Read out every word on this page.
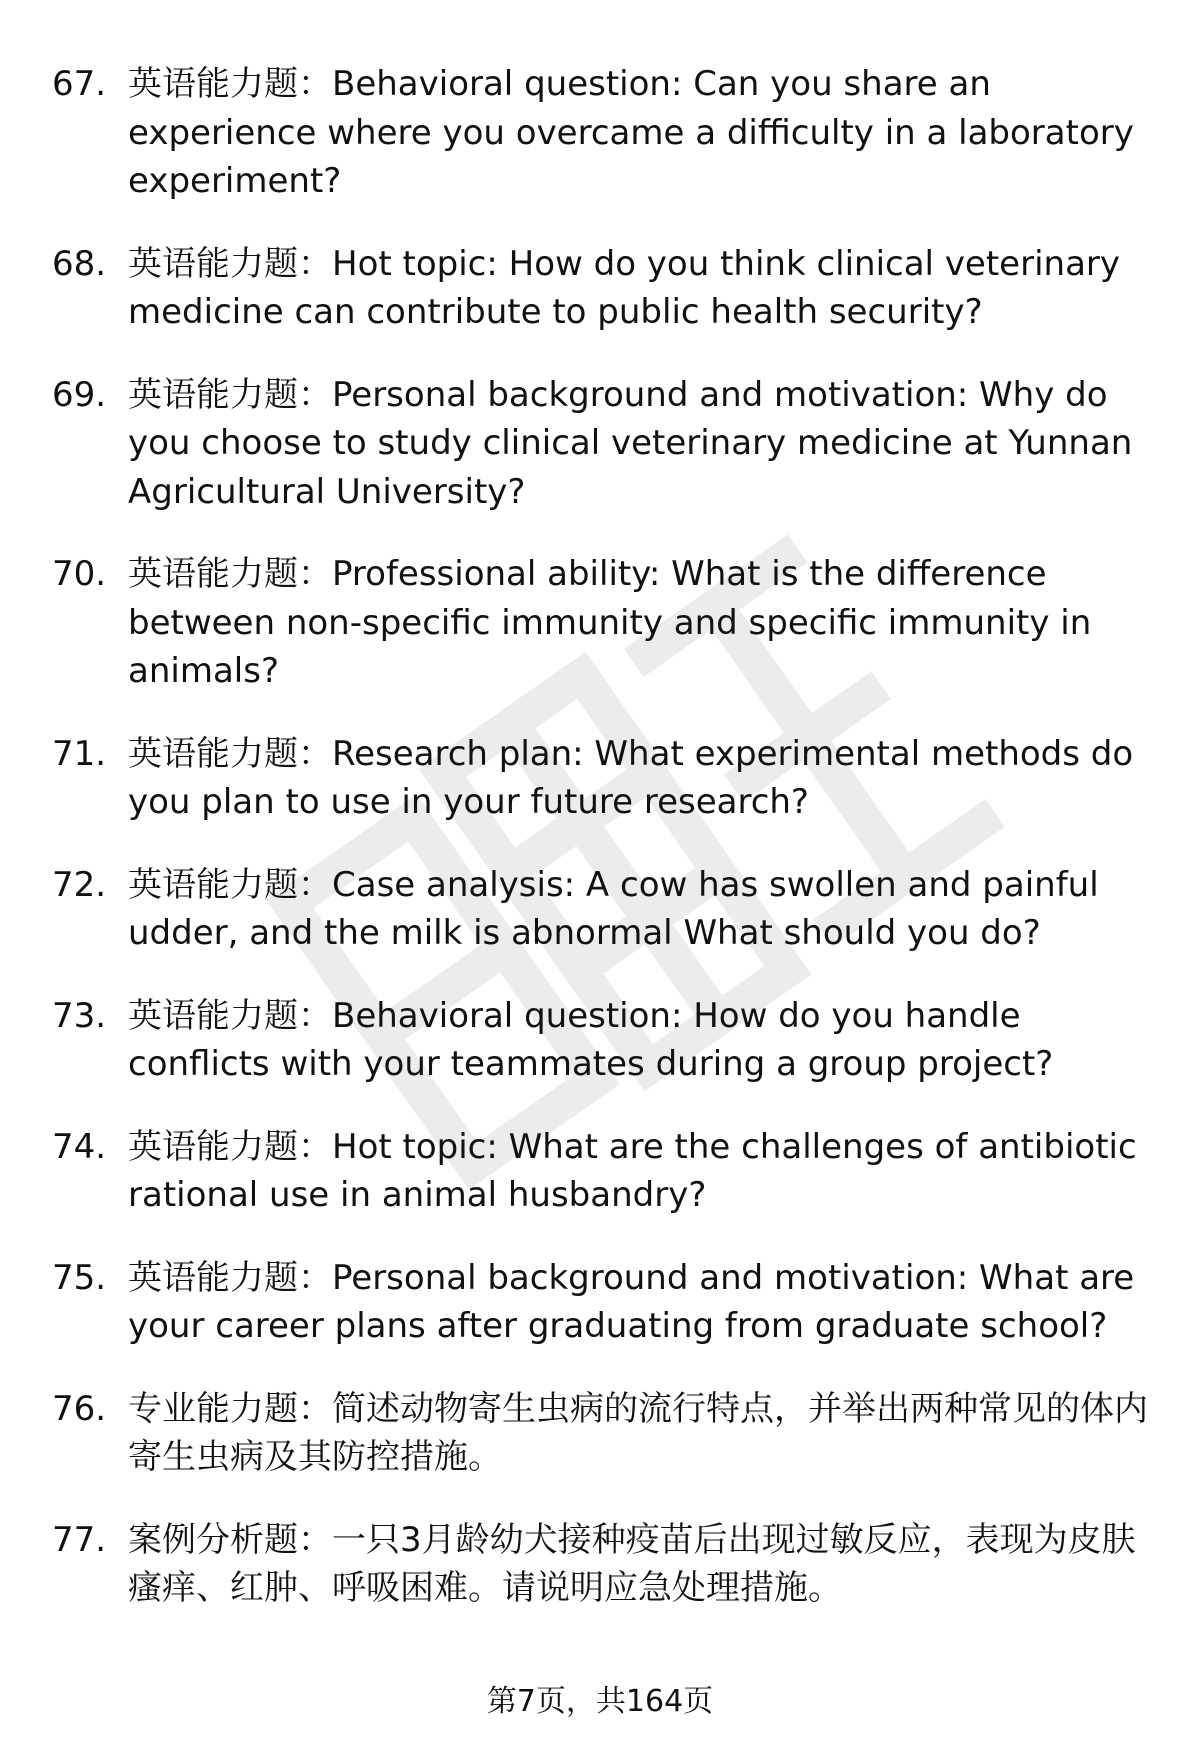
67. 英语能力题：Behavioral question: Can you share an experience where you overcame a difficulty in a laboratory experiment?
68. 英语能力题：Hot topic: How do you think clinical veterinary medicine can contribute to public health security?
69. 英语能力题：Personal background and motivation: Why do you choose to study clinical veterinary medicine at Yunnan Agricultural University?
70. 英语能力题：Professional ability: What is the difference between non-specific immunity and specific immunity in animals?
71. 英语能力题：Research plan: What experimental methods do you plan to use in your future research?
72. 英语能力题：Case analysis: A cow has swollen and painful udder, and the milk is abnormal What should you do?
73. 英语能力题：Behavioral question: How do you handle conflicts with your teammates during a group project?
74. 英语能力题：Hot topic: What are the challenges of antibiotic rational use in animal husbandry?
75. 英语能力题：Personal background and motivation: What are your career plans after graduating from graduate school?
76. 专业能力题：简述动物寄生虫病的流行特点，并举出两种常见的体内寄生虫病及其防控措施。
77. 案例分析题：一只3月龄幼犬接种疫苗后出现过敏反应，表现为皮肤瘙痒、红肿、呼吸困难。请说明应急处理措施。
第7页，共164页
